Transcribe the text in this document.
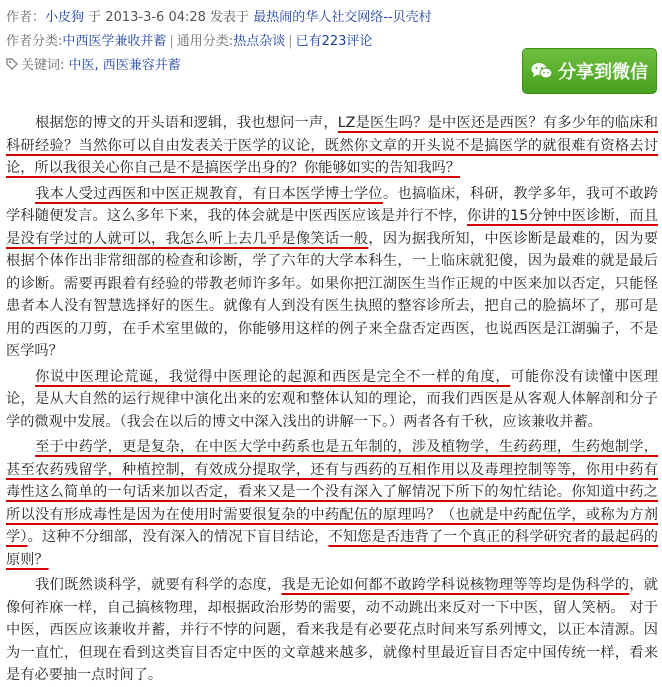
作者：小皮狗 于 2013-3-6 04:28 发表于 最热闹的华人社交网络--贝壳村
作者分类:中西医学兼收并蓄 | 通用分类:热点杂谈 | 已有223评论
关键词: 中医, 西医兼容并蓄	分享到微信

根据您的博文的开头语和逻辑，我也想问一声，LZ是医生吗？是中医还是西医？有多少年的临床和科研经验？当然你可以自由发表关于医学的议论，既然你文章的开头说不是搞医学的就很难有资格去讨论，所以我很关心你自己是不是搞医学出身的？你能够如实的告知我吗？

我本人受过西医和中医正规教育，有日本医学博士学位。也搞临床，科研，教学多年，我可不敢跨学科随便发言。这么多年下来，我的体会就是中医西医应该是并行不悖，你讲的15分钟中医诊断，而且是没有学过的人就可以，我怎么听上去几乎是像笑话一般，因为据我所知，中医诊断是最难的，因为要根据个体作出非常细部的检查和诊断，学了六年的大学本科生，一上临床就犯傻，因为最难的就是最后的诊断。需要再跟着有经验的带教老师许多年。如果你把江湖医生当作正规的中医来加以否定，只能怪患者本人没有智慧选择好的医生。就像有人到没有医生执照的整容诊所去，把自己的脸搞坏了，那可是用的西医的刀剪，在手术室里做的，你能够用这样的例子来全盘否定西医，也说西医是江湖骗子，不是医学吗？

你说中医理论荒诞，我觉得中医理论的起源和西医是完全不一样的角度，可能你没有读懂中医理论，是从大自然的运行规律中演化出来的宏观和整体认知的理论，而我们西医是从客观人体解剖和分子学的微观中发展。（我会在以后的博文中深入浅出的讲解一下。）两者各有千秋，应该兼收并蓄。

至于中药学，更是复杂，在中医大学中药系也是五年制的，涉及植物学，生药药理，生药炮制学，甚至农药残留学，种植控制，有效成分提取学，还有与西药的互相作用以及毒理控制等等，你用中药有毒性这么简单的一句话来加以否定，看来又是一个没有深入了解情况下所下的匆忙结论。你知道中药之所以没有形成毒性是因为在使用时需要很复杂的中药配伍的原理吗？（也就是中药配伍学，或称为方剂学）。这种不分细部，没有深入的情况下盲目结论，不知您是否违背了一个真正的科学研究者的最起码的原则？

我们既然谈科学，就要有科学的态度，我是无论如何都不敢跨学科说核物理等等均是伪科学的，就像何祚庥一样，自己搞核物理，却根据政治形势的需要，动不动跳出来反对一下中医，留人笑柄。 对于中医，西医应该兼收并蓄，并行不悖的问题，看来我是有必要花点时间来写系列博文，以正本清源。因为一直忙，但现在看到这类盲目否定中医的文章越来越多，就像村里最近盲目否定中国传统一样，看来是有必要抽一点时间了。
